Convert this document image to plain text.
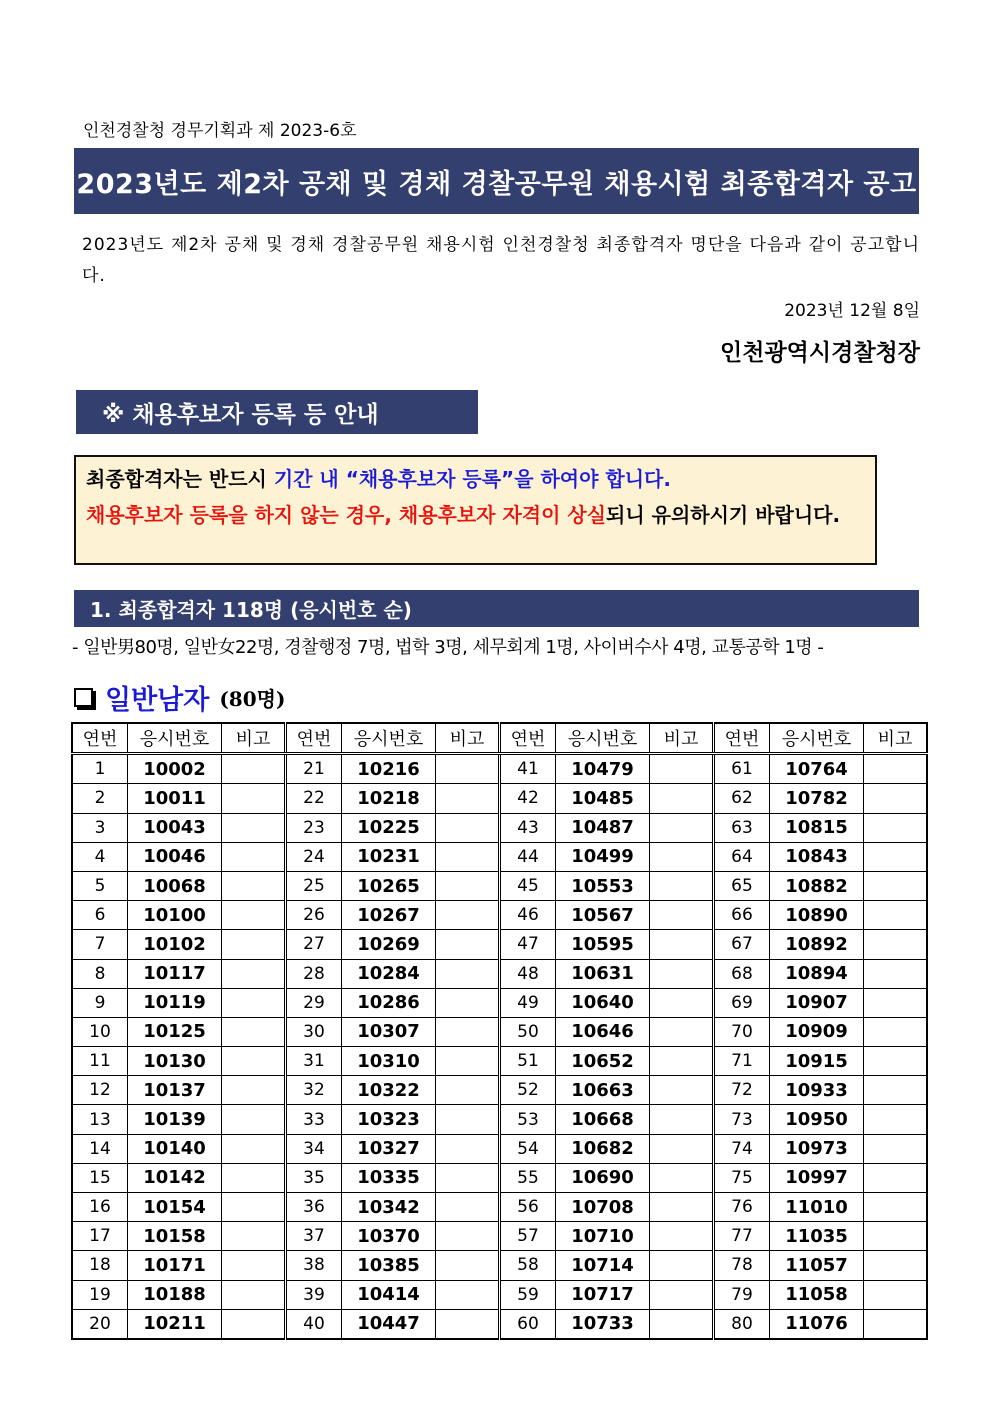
인천경찰청 경무기획과 제 2023-6호
2023년도 제2차 공채 및 경채 경찰공무원 채용시험 최종합격자 공고
2023년도 제2차 공채 및 경채 경찰공무원 채용시험 인천경찰청 최종합격자 명단을 다음과 같이 공고합니다.
2023년 12월 8일
인천광역시경찰청장
※ 채용후보자 등록 등 안내
최종합격자는 반드시 기간 내 “채용후보자 등록”을 하여야 합니다.
채용후보자 등록을 하지 않는 경우, 채용후보자 자격이 상실되니 유의하시기 바랍니다.
1. 최종합격자 118명 (응시번호 순)
- 일반男80명, 일반女22명, 경찰행정 7명, 법학 3명, 세무회계 1명, 사이버수사 4명, 교통공학 1명 -
일반남자 (80명)
연번	응시번호	비고	연번	응시번호	비고	연번	응시번호	비고	연번	응시번호	비고
1	10002		21	10216		41	10479		61	10764	
2	10011		22	10218		42	10485		62	10782	
3	10043		23	10225		43	10487		63	10815	
4	10046		24	10231		44	10499		64	10843	
5	10068		25	10265		45	10553		65	10882	
6	10100		26	10267		46	10567		66	10890	
7	10102		27	10269		47	10595		67	10892	
8	10117		28	10284		48	10631		68	10894	
9	10119		29	10286		49	10640		69	10907	
10	10125		30	10307		50	10646		70	10909	
11	10130		31	10310		51	10652		71	10915	
12	10137		32	10322		52	10663		72	10933	
13	10139		33	10323		53	10668		73	10950	
14	10140		34	10327		54	10682		74	10973	
15	10142		35	10335		55	10690		75	10997	
16	10154		36	10342		56	10708		76	11010	
17	10158		37	10370		57	10710		77	11035	
18	10171		38	10385		58	10714		78	11057	
19	10188		39	10414		59	10717		79	11058	
20	10211		40	10447		60	10733		80	11076	
